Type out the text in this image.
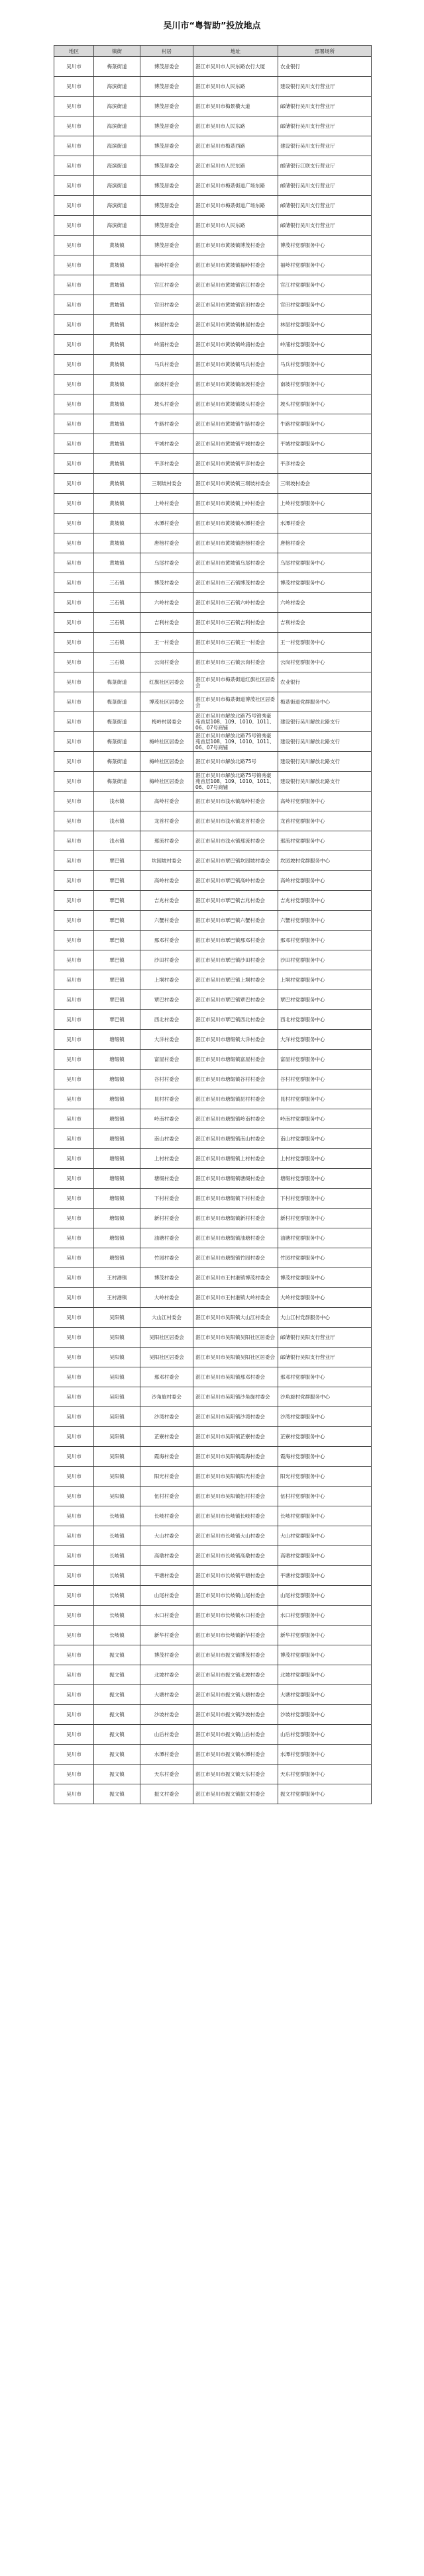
吴川市“粤智助”投放地点
地区	镇街	村居	地址	部署场所
吴川市	梅菉街道	博茂居委会	湛江市吴川市人民东路农行大厦	农业银行
吴川市	海滨街道	博茂居委会	湛江市吴川市人民东路	建设银行吴川支行营业厅
吴川市	海滨街道	博茂居委会	湛江市吴川市梅景横大道	邮储银行吴川支行营业厅
吴川市	海滨街道	博茂居委会	湛江市吴川市人民东路	邮储银行吴川支行营业厅
吴川市	海滨街道	博茂居委会	湛江市吴川市梅菉西路	建设银行吴川支行营业厅
吴川市	海滨街道	博茂居委会	湛江市吴川市人民东路	邮储银行江联支行营业厅
吴川市	海滨街道	博茂居委会	湛江市吴川市梅菉街道广场东路	邮储银行吴川支行营业厅
吴川市	海滨街道	博茂居委会	湛江市吴川市梅菉街道广场东路	邮储银行吴川支行营业厅
吴川市	海滨街道	博茂居委会	湛江市吴川市人民东路	邮储银行吴川支行营业厅
吴川市	黄坡镇	博茂居委会	湛江市吴川市黄坡镇博茂村委会	博茂村党群服务中心
吴川市	黄坡镇	福岭村委会	湛江市吴川市黄坡镇福岭村委会	福岭村党群服务中心
吴川市	黄坡镇	官江村委会	湛江市吴川市黄坡镇官江村委会	官江村党群服务中心
吴川市	黄坡镇	官田村委会	湛江市吴川市黄坡镇官田村委会	官田村党群服务中心
吴川市	黄坡镇	林屋村委会	湛江市吴川市黄坡镇林屋村委会	林屋村党群服务中心
吴川市	黄坡镇	岭浦村委会	湛江市吴川市黄坡镇岭浦村委会	岭浦村党群服务中心
吴川市	黄坡镇	马兵村委会	湛江市吴川市黄坡镇马兵村委会	马兵村党群服务中心
吴川市	黄坡镇	南坡村委会	湛江市吴川市黄坡镇南坡村委会	南坡村党群服务中心
吴川市	黄坡镇	坡头村委会	湛江市吴川市黄坡镇坡头村委会	坡头村党群服务中心
吴川市	黄坡镇	牛路村委会	湛江市吴川市黄坡镇牛路村委会	牛路村党群服务中心
吴川市	黄坡镇	平城村委会	湛江市吴川市黄坡镇平城村委会	平城村党群服务中心
吴川市	黄坡镇	平彦村委会	湛江市吴川市黄坡镇平彦村委会	平彦村委会
吴川市	黄坡镇	三垌坡村委会	湛江市吴川市黄坡镇三垌坡村委会	三垌坡村委会
吴川市	黄坡镇	上岭村委会	湛江市吴川市黄坡镇上岭村委会	上岭村党群服务中心
吴川市	黄坡镇	水潭村委会	湛江市吴川市黄坡镇水潭村委会	水潭村委会
吴川市	黄坡镇	唐榜村委会	湛江市吴川市黄坡镇唐榜村委会	唐榜村委会
吴川市	黄坡镇	乌尾村委会	湛江市吴川市黄坡镇乌尾村委会	乌尾村党群服务中心
吴川市	三石镇	博茂村委会	湛江市吴川市三石镇博茂村委会	博茂村党群服务中心
吴川市	三石镇	六岭村委会	湛江市吴川市三石镇六岭村委会	六岭村委会
吴川市	三石镇	吉利村委会	湛江市吴川市三石镇吉利村委会	吉利村委会
吴川市	三石镇	王一村委会	湛江市吴川市三石镇王一村委会	王一村党群服务中心
吴川市	三石镇	云岗村委会	湛江市吴川市三石镇云岗村委会	云岗村党群服务中心
吴川市	梅菉街道	红旗社区居委会	湛江市吴川市梅菉街道红旗社区居委会	农业银行
吴川市	梅菉街道	博茂社区居委会	湛江市吴川市梅菉街道博茂社区居委会	梅菉街道党群服务中心
吴川市	梅菉街道	梅岭村居委会	湛江市吴川市解放北路75号锦秀豪苑首层108、109、1010、1011、06、07号商铺	建设银行吴川解放北路支行
吴川市	梅菉街道	梅岭社区居委会	湛江市吴川市解放北路75号锦秀豪苑首层108、109、1010、1011、06、07号商铺	建设银行吴川解放北路支行
吴川市	梅菉街道	梅岭社区居委会	湛江市吴川市解放北路75号	建设银行吴川解放北路支行
吴川市	梅菉街道	梅岭社区居委会	湛江市吴川市解放北路75号锦秀豪苑首层108、109、1010、1011、06、07号商铺	建设银行吴川解放北路支行
吴川市	浅水镇	高岭村委会	湛江市吴川市浅水镇高岭村委会	高岭村党群服务中心
吴川市	浅水镇	龙首村委会	湛江市吴川市浅水镇龙首村委会	龙首村党群服务中心
吴川市	浅水镇	那流村委会	湛江市吴川市浅水镇那流村委会	那流村党群服务中心
吴川市	覃巴镇	坎园坡村委会	湛江市吴川市覃巴镇坎园坡村委会	坎园坡村党群服务中心
吴川市	覃巴镇	高岭村委会	湛江市吴川市覃巴镇高岭村委会	高岭村党群服务中心
吴川市	覃巴镇	吉兆村委会	湛江市吴川市覃巴镇吉兆村委会	吉兆村党群服务中心
吴川市	覃巴镇	六蟹村委会	湛江市吴川市覃巴镇六蟹村委会	六蟹村党群服务中心
吴川市	覃巴镇	那邓村委会	湛江市吴川市覃巴镇那邓村委会	那邓村党群服务中心
吴川市	覃巴镇	沙田村委会	湛江市吴川市覃巴镇沙田村委会	沙田村党群服务中心
吴川市	覃巴镇	上垌村委会	湛江市吴川市覃巴镇上垌村委会	上垌村党群服务中心
吴川市	覃巴镇	覃巴村委会	湛江市吴川市覃巴镇覃巴村委会	覃巴村党群服务中心
吴川市	覃巴镇	西北村委会	湛江市吴川市覃巴镇西北村委会	西北村党群服务中心
吴川市	塘缀镇	大洋村委会	湛江市吴川市塘缀镇大洋村委会	大洋村党群服务中心
吴川市	塘缀镇	富屋村委会	湛江市吴川市塘缀镇富屋村委会	富屋村党群服务中心
吴川市	塘缀镇	谷村村委会	湛江市吴川市塘缀镇谷村村委会	谷村村党群服务中心
吴川市	塘缀镇	昆村村委会	湛江市吴川市塘缀镇昆村村委会	昆村村党群服务中心
吴川市	塘缀镇	岭南村委会	湛江市吴川市塘缀镇岭南村委会	岭南村党群服务中心
吴川市	塘缀镇	南山村委会	湛江市吴川市塘缀镇南山村委会	南山村党群服务中心
吴川市	塘缀镇	上村村委会	湛江市吴川市塘缀镇上村村委会	上村村党群服务中心
吴川市	塘缀镇	塘缀村委会	湛江市吴川市塘缀镇塘缀村委会	塘缀村党群服务中心
吴川市	塘缀镇	下村村委会	湛江市吴川市塘缀镇下村村委会	下村村党群服务中心
吴川市	塘缀镇	新村村委会	湛江市吴川市塘缀镇新村村委会	新村村党群服务中心
吴川市	塘缀镇	油塘村委会	湛江市吴川市塘缀镇油塘村委会	油塘村党群服务中心
吴川市	塘缀镇	竹园村委会	湛江市吴川市塘缀镇竹园村委会	竹园村党群服务中心
吴川市	王村港镇	博茂村委会	湛江市吴川市王村港镇博茂村委会	博茂村党群服务中心
吴川市	王村港镇	大岭村委会	湛江市吴川市王村港镇大岭村委会	大岭村党群服务中心
吴川市	吴阳镇	大山江村委会	湛江市吴川市吴阳镇大山江村委会	大山江村党群服务中心
吴川市	吴阳镇	吴阳社区居委会	湛江市吴川市吴阳镇吴阳社区居委会	邮储银行吴阳支行营业厅
吴川市	吴阳镇	吴阳社区居委会	湛江市吴川市吴阳镇吴阳社区居委会	邮储银行吴阳支行营业厅
吴川市	吴阳镇	那邓村委会	湛江市吴川市吴阳镇那邓村委会	那邓村党群服务中心
吴川市	吴阳镇	沙角旋村委会	湛江市吴川市吴阳镇沙角旋村委会	沙角旋村党群服务中心
吴川市	吴阳镇	沙湾村委会	湛江市吴川市吴阳镇沙湾村委会	沙湾村党群服务中心
吴川市	吴阳镇	芷寮村委会	湛江市吴川市吴阳镇芷寮村委会	芷寮村党群服务中心
吴川市	吴阳镇	霞海村委会	湛江市吴川市吴阳镇霞海村委会	霞海村党群服务中心
吴川市	吴阳镇	阳光村委会	湛江市吴川市吴阳镇阳光村委会	阳光村党群服务中心
吴川市	吴阳镇	伍村村委会	湛江市吴川市吴阳镇伍村村委会	伍村村党群服务中心
吴川市	长岐镇	长岐村委会	湛江市吴川市长岐镇长岐村委会	长岐村党群服务中心
吴川市	长岐镇	大山村委会	湛江市吴川市长岐镇大山村委会	大山村党群服务中心
吴川市	长岐镇	高墩村委会	湛江市吴川市长岐镇高墩村委会	高墩村党群服务中心
吴川市	长岐镇	平塘村委会	湛江市吴川市长岐镇平塘村委会	平塘村党群服务中心
吴川市	长岐镇	山尾村委会	湛江市吴川市长岐镇山尾村委会	山尾村党群服务中心
吴川市	长岐镇	水口村委会	湛江市吴川市长岐镇水口村委会	水口村党群服务中心
吴川市	长岐镇	新华村委会	湛江市吴川市长岐镇新华村委会	新华村党群服务中心
吴川市	振文镇	博茂村委会	湛江市吴川市振文镇博茂村委会	博茂村党群服务中心
吴川市	振文镇	北坡村委会	湛江市吴川市振文镇北坡村委会	北坡村党群服务中心
吴川市	振文镇	大塘村委会	湛江市吴川市振文镇大塘村委会	大塘村党群服务中心
吴川市	振文镇	沙坡村委会	湛江市吴川市振文镇沙坡村委会	沙坡村党群服务中心
吴川市	振文镇	山后村委会	湛江市吴川市振文镇山后村委会	山后村党群服务中心
吴川市	振文镇	水潭村委会	湛江市吴川市振文镇水潭村委会	水潭村党群服务中心
吴川市	振文镇	天东村委会	湛江市吴川市振文镇天东村委会	天东村党群服务中心
吴川市	振文镇	振文村委会	湛江市吴川市振文镇振文村委会	振文村党群服务中心
